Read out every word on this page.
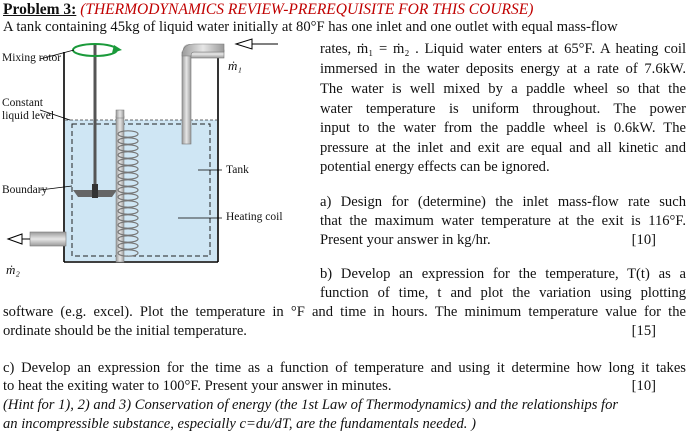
Problem 3: (THERMODYNAMICS REVIEW-PREREQUISITE FOR THIS COURSE)
A tank containing 45kg of liquid water initially at 80°F has one inlet and one outlet with equal mass-flow
rates, ṁ₁ = ṁ₂ . Liquid water enters at 65°F. A heating coil
immersed in the water deposits energy at a rate of 7.6kW.
The water is well mixed by a paddle wheel so that the
water temperature is uniform throughout. The power
input to the water from the paddle wheel is 0.6kW. The
pressure at the inlet and exit are equal and all kinetic and
potential energy effects can be ignored.
a) Design for (determine) the inlet mass-flow rate such
that the maximum water temperature at the exit is 116°F.
Present your answer in kg/hr.	[10]
b) Develop an expression for the temperature, T(t) as a
function of time, t and plot the variation using plotting
software (e.g. excel). Plot the temperature in °F and time in hours. The minimum temperature value for the
ordinate should be the initial temperature.	[15]
c) Develop an expression for the time as a function of temperature and using it determine how long it takes
to heat the exiting water to 100°F. Present your answer in minutes.	[10]
(Hint for 1), 2) and 3) Conservation of energy (the 1st Law of Thermodynamics) and the relationships for
an incompressible substance, especially c=du/dT, are the fundamentals needed. )
Mixing rotor
Constant liquid level
Boundary
Tank
Heating coil
ṁ₁
ṁ₂
